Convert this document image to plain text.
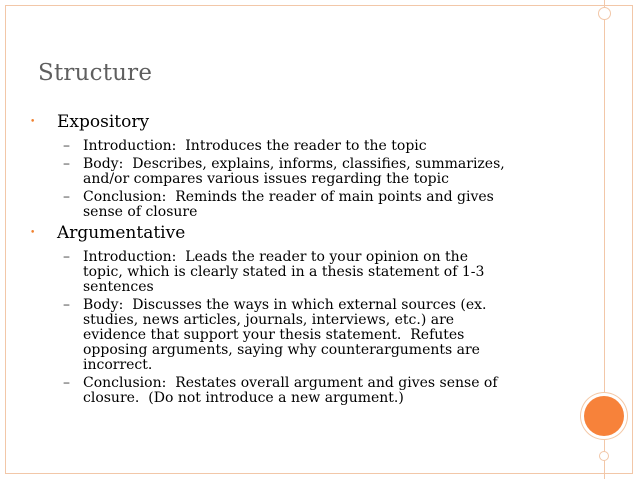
Structure
• Expository
– Introduction:  Introduces the reader to the topic
– Body:  Describes, explains, informs, classifies, summarizes,
and/or compares various issues regarding the topic
– Conclusion:  Reminds the reader of main points and gives
sense of closure
• Argumentative
– Introduction:  Leads the reader to your opinion on the
topic, which is clearly stated in a thesis statement of 1-3
sentences
– Body:  Discusses the ways in which external sources (ex.
studies, news articles, journals, interviews, etc.) are
evidence that support your thesis statement.  Refutes
opposing arguments, saying why counterarguments are
incorrect.
– Conclusion:  Restates overall argument and gives sense of
closure.  (Do not introduce a new argument.)
